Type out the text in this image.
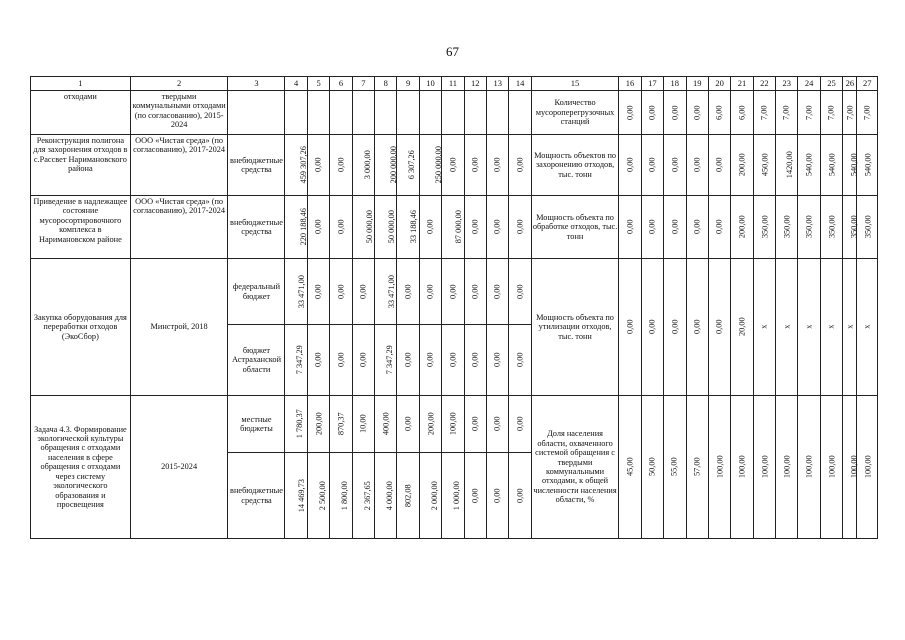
67
1	2	3	4	5	6	7	8	9	10	11	12	13	14	15	16	17	18	19	20	21	22	23	24	25	26	27
отходами	твердыми коммунальными отходами (по согласованию), 2015-2024													Количество мусороперегрузочных станций	0,00	0,00	0,00	0,00	6,00	6,00	7,00	7,00	7,00	7,00	7,00	7,00
Реконструкция полигона для захоронения отходов в с.Рассвет Наримановского района	ООО «Чистая среда» (по согласованию), 2017-2024	внебюджетные средства	459 307,26	0,00	0,00	3 000,00	200 000,00	6 307,26	250 000,00	0,00	0,00	0,00	0,00	Мощность объектов по захоронению отходов, тыс. тонн	0,00	0,00	0,00	0,00	0,00	200,00	450,00	1420,00	540,00	540,00	540,00	540,00
Приведение в надлежащее состояние мусоросортировочного комплекса в Наримановском районе	ООО «Чистая среда» (по согласованию), 2017-2024	внебюджетные средства	220 188,46	0,00	0,00	50 000,00	50 000,00	33 188,46	0,00	87 000,00	0,00	0,00	0,00	Мощность объекта по обработке отходов, тыс. тонн	0,00	0,00	0,00	0,00	0,00	200,00	350,00	350,00	350,00	350,00	350,00	350,00
Закупка оборудования для переработки отходов (ЭкоСбор)	Минстрой, 2018	федеральный бюджет	33 471,00	0,00	0,00	0,00	33 471,00	0,00	0,00	0,00	0,00	0,00	0,00	Мощность объекта по утилизации отходов, тыс. тонн	0,00	0,00	0,00	0,00	0,00	20,00	х	х	х	х	х	х
		бюджет Астраханской области	7 347,29	0,00	0,00	0,00	7 347,29	0,00	0,00	0,00	0,00	0,00	0,00													
Задача 4.3. Формирование экологической культуры обращения с отходами населения в сфере обращения с отходами через систему экологического образования и просвещения	2015-2024	местные бюджеты	1 780,37	200,00	870,37	10,00	400,00	0,00	200,00	100,00	0,00	0,00	0,00	Доля населения области, охваченного системой обращения с твердыми коммунальными отходами, к общей численности населения области, %	45,00	50,00	55,00	57,00	100,00	100,00	100,00	100,00	100,00	100,00	100,00	100,00
		внебюджетные средства	14 469,73	2 500,00	1 800,00	2 367,65	4 000,00	802,08	2 000,00	1 000,00	0,00	0,00	0,00													
